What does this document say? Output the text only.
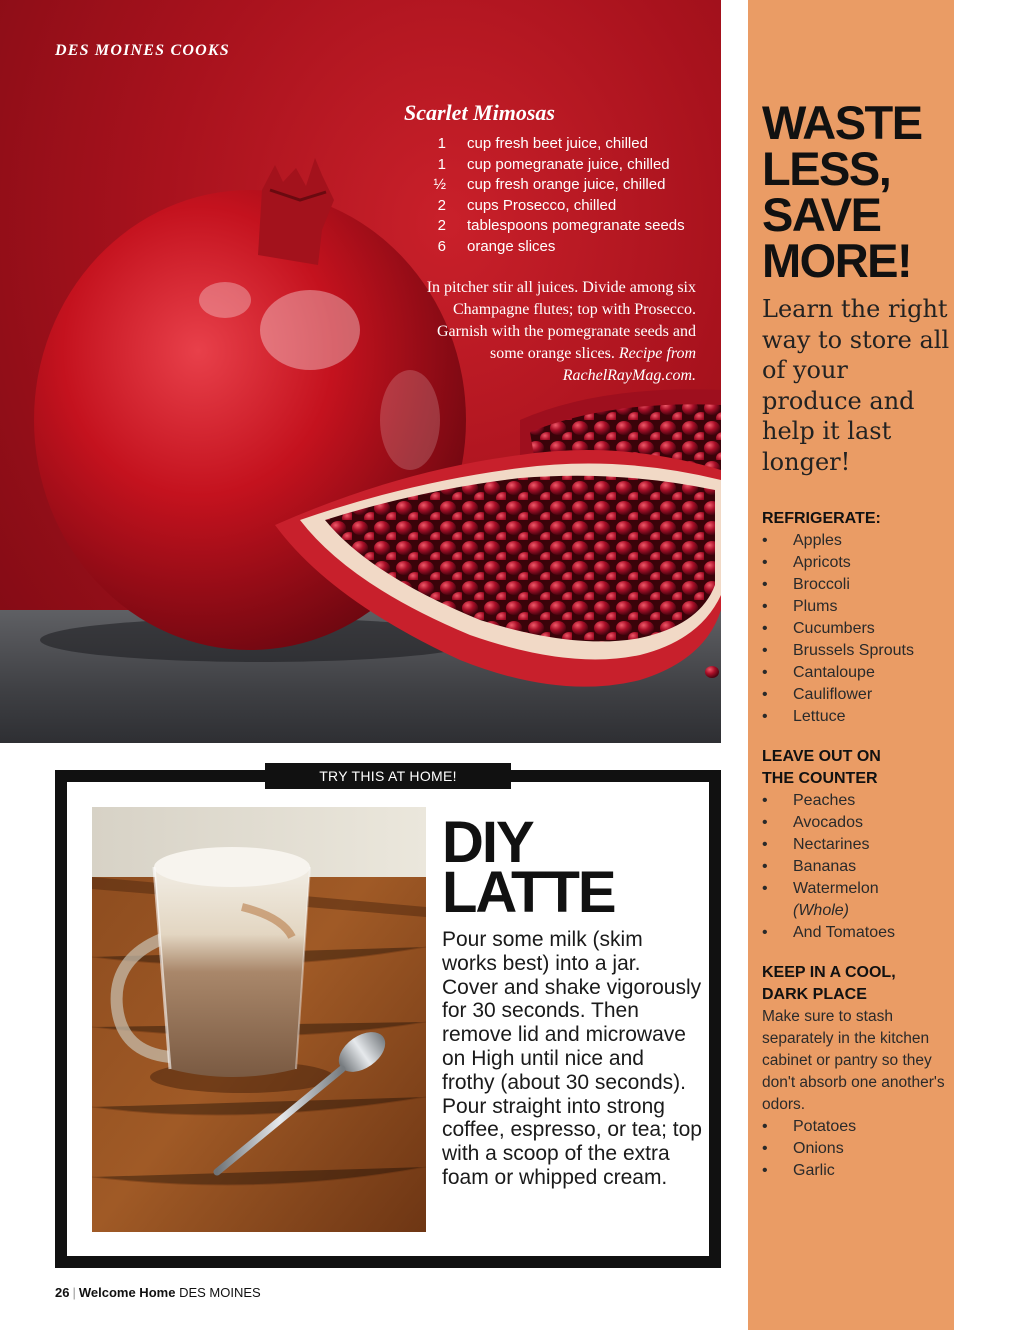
DES MOINES COOKS
Scarlet Mimosas
1 cup fresh beet juice, chilled
1 cup pomegranate juice, chilled
½ cup fresh orange juice, chilled
2 cups Prosecco, chilled
2 tablespoons pomegranate seeds
6 orange slices
In pitcher stir all juices. Divide among six Champagne flutes; top with Prosecco. Garnish with the pomegranate seeds and some orange slices. Recipe from RachelRayMag.com.
WASTE
LESS,
SAVE
MORE!
Learn the right way to store all of your produce and help it last longer!
REFRIGERATE:
• Apples
• Apricots
• Broccoli
• Plums
• Cucumbers
• Brussels Sprouts
• Cantaloupe
• Cauliflower
• Lettuce
LEAVE OUT ON
THE COUNTER
• Peaches
• Avocados
• Nectarines
• Bananas
• Watermelon
(Whole)
• And Tomatoes
KEEP IN A COOL,
DARK PLACE
Make sure to stash separately in the kitchen cabinet or pantry so they don't absorb one another's odors.
• Potatoes
• Onions
• Garlic
TRY THIS AT HOME!
DIY
LATTE
Pour some milk (skim works best) into a jar. Cover and shake vigorously for 30 seconds. Then remove lid and microwave on High until nice and frothy (about 30 seconds). Pour straight into strong coffee, espresso, or tea; top with a scoop of the extra foam or whipped cream.
26 | Welcome Home DES MOINES
